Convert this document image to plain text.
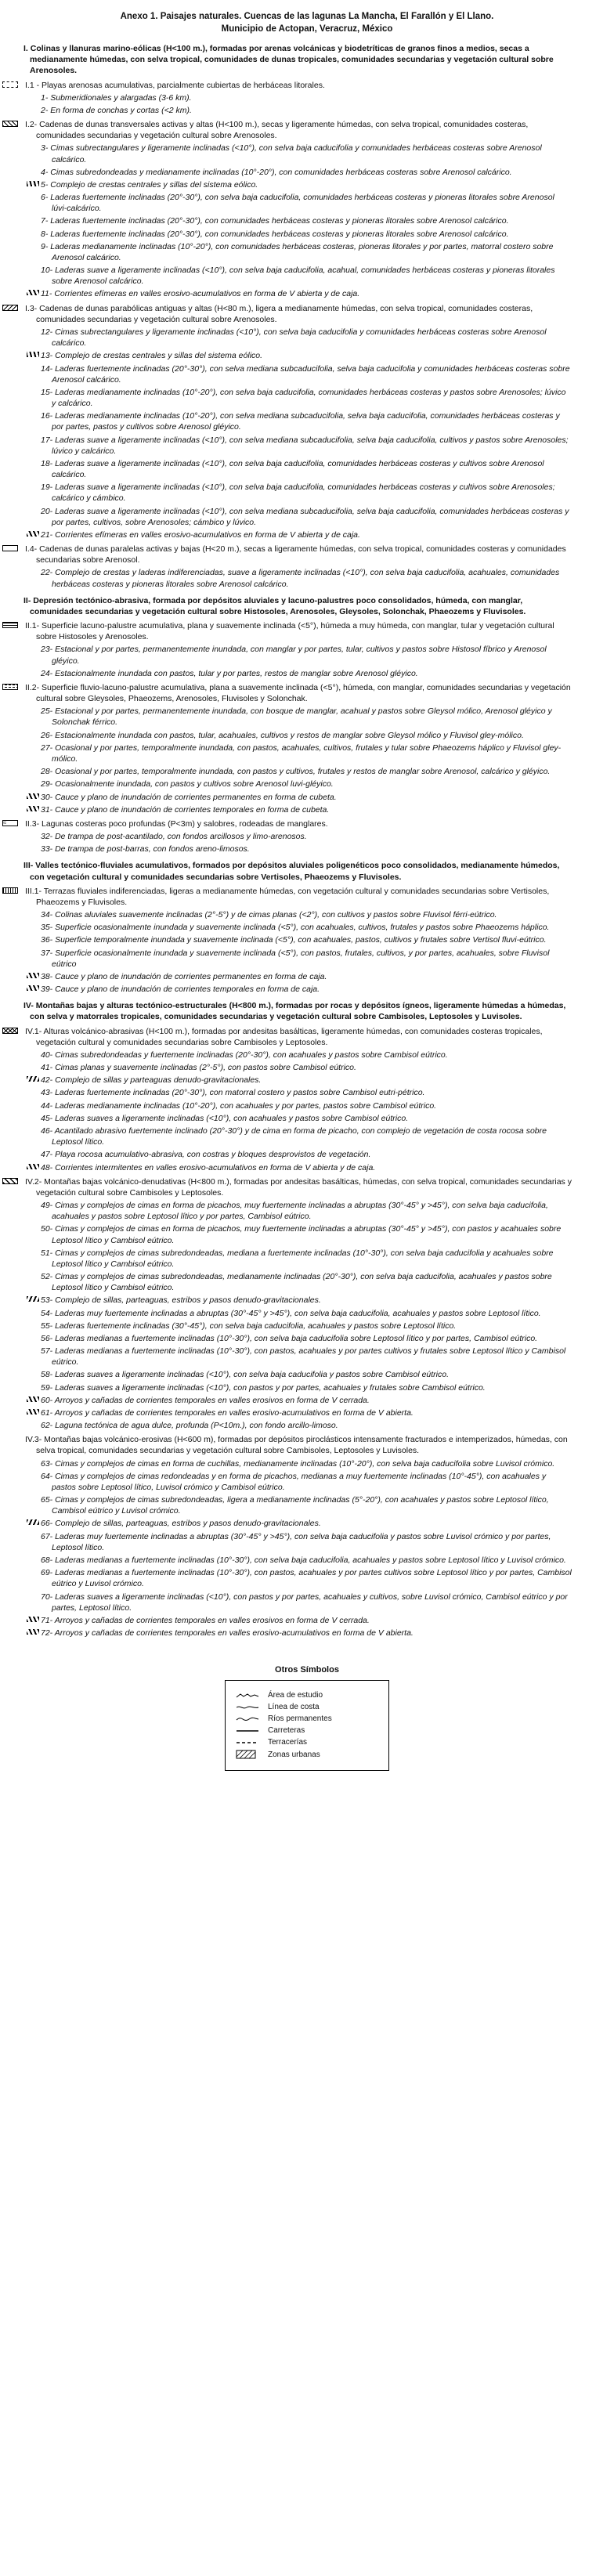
Anexo 1. Paisajes naturales. Cuencas de las lagunas La Mancha, El Farallón y El Llano.
Municipio de Actopan, Veracruz, México
I. Colinas y llanuras marino-eólicas (H<100 m.), formadas por arenas volcánicas y biodetríticas de granos finos a medios, secas a medianamente húmedas, con selva tropical, comunidades de dunas tropicales, comunidades secundarias y vegetación cultural sobre Arenosoles.
I.1 - Playas arenosas acumulativas, parcialmente cubiertas de herbáceas litorales.
1- Submeridionales y alargadas (3-6 km).
2- En forma de conchas y cortas (<2 km).
I.2- Cadenas de dunas transversales activas y altas (H<100 m.), secas y ligeramente húmedas, con selva tropical, comunidades costeras, comunidades secundarias y vegetación cultural sobre Arenosoles.
3- Cimas subrectangulares y ligeramente inclinadas (<10°), con selva baja caducifolia y comunidades herbáceas costeras sobre Arenosol calcárico.
4- Cimas subredondeadas y medianamente inclinadas (10°-20°), con comunidades herbáceas costeras sobre Arenosol calcárico.
5- Complejo de crestas centrales y sillas del sistema eólico.
6- Laderas fuertemente inclinadas (20°-30°), con selva baja caducifolia, comunidades herbáceas costeras y pioneras litorales sobre Arenosol lúvi-calcárico.
7- Laderas fuertemente inclinadas (20°-30°), con comunidades herbáceas costeras y pioneras litorales sobre Arenosol calcárico.
8- Laderas fuertemente inclinadas (20°-30°), con comunidades herbáceas costeras y pioneras litorales sobre Arenosol calcárico.
9- Laderas medianamente inclinadas (10°-20°), con comunidades herbáceas costeras, pioneras litorales y por partes, matorral costero sobre Arenosol calcárico.
10- Laderas suave a ligeramente inclinadas (<10°), con selva baja caducifolia, acahual, comunidades herbáceas costeras y pioneras litorales sobre Arenosol calcárico.
11- Corrientes efímeras en valles erosivo-acumulativos en forma de V abierta y de caja.
I.3- Cadenas de dunas parabólicas antiguas y altas (H<80 m.), ligera a medianamente húmedas, con selva tropical, comunidades costeras, comunidades secundarias y vegetación cultural sobre Arenosoles.
12- Cimas subrectangulares y ligeramente inclinadas (<10°), con selva baja caducifolia y comunidades herbáceas costeras sobre Arenosol calcárico.
13- Complejo de crestas centrales y sillas del sistema eólico.
14- Laderas fuertemente inclinadas (20°-30°), con selva mediana subcaducifolia, selva baja caducifolia y comunidades herbáceas costeras sobre Arenosol calcárico.
15- Laderas medianamente inclinadas (10°-20°), con selva baja caducifolia, comunidades herbáceas costeras y pastos sobre Arenosoles; lúvico y calcárico.
16- Laderas medianamente inclinadas (10°-20°), con selva mediana subcaducifolia, selva baja caducifolia, comunidades herbáceas costeras y por partes, pastos y cultivos sobre Arenosol gléyico.
17- Laderas suave a ligeramente inclinadas (<10°), con selva mediana subcaducifolia, selva baja caducifolia, cultivos y pastos sobre Arenosoles; lúvico y calcárico.
18- Laderas suave a ligeramente inclinadas (<10°), con selva baja caducifolia, comunidades herbáceas costeras y cultivos sobre Arenosol calcárico.
19- Laderas suave a ligeramente inclinadas (<10°), con selva baja caducifolia, comunidades herbáceas costeras y cultivos sobre Arenosoles; calcárico y cámbico.
20- Laderas suave a ligeramente inclinadas (<10°), con selva mediana subcaducifolia, selva baja caducifolia, comunidades herbáceas costeras y por partes, cultivos, sobre Arenosoles; cámbico y lúvico.
21- Corrientes efímeras en valles erosivo-acumulativos en forma de V abierta y de caja.
I.4- Cadenas de dunas paralelas activas y bajas (H<20 m.), secas a ligeramente húmedas, con selva tropical, comunidades costeras y comunidades secundarias sobre Arenosol.
22- Complejo de crestas y laderas indiferenciadas, suave a ligeramente inclinadas (<10°), con selva baja caducifolia, acahuales, comunidades herbáceas costeras y pioneras litorales sobre Arenosol calcárico.
II- Depresión tectónico-abrasiva, formada por depósitos aluviales y lacuno-palustres poco consolidados, húmeda, con manglar, comunidades secundarias y vegetación cultural sobre Histosoles, Arenosoles, Gleysoles, Solonchak, Phaeozems y Fluvisoles.
II.1- Superficie lacuno-palustre acumulativa, plana y suavemente inclinada (<5°), húmeda a muy húmeda, con manglar, tular y vegetación cultural sobre Histosoles y Arenosoles.
23- Estacional y por partes, permanentemente inundada, con manglar y por partes, tular, cultivos y pastos sobre Histosol fíbrico y Arenosol gléyico.
24- Estacionalmente inundada con pastos, tular y por partes, restos de manglar sobre Arenosol gléyico.
II.2- Superficie fluvio-lacuno-palustre acumulativa, plana a suavemente inclinada (<5°), húmeda, con manglar, comunidades secundarias y vegetación cultural sobre Gleysoles, Phaeozems, Arenosoles, Fluvisoles y Solonchak.
25- Estacional y por partes, permanentemente inundada, con bosque de manglar, acahual y pastos sobre Gleysol mólico, Arenosol gléyico y Solonchak férrico.
26- Estacionalmente inundada con pastos, tular, acahuales, cultivos y restos de manglar sobre Gleysol mólico y Fluvisol gley-mólico.
27- Ocasional y por partes, temporalmente inundada, con pastos, acahuales, cultivos, frutales y tular sobre Phaeozems háplico y Fluvisol gley-mólico.
28- Ocasional y por partes, temporalmente inundada, con pastos y cultivos, frutales y restos de manglar sobre Arenosol, calcárico y gléyico.
29- Ocasionalmente inundada, con pastos y cultivos sobre Arenosol luvi-gléyico.
30- Cauce y plano de inundación de corrientes permanentes en forma de cubeta.
31- Cauce y plano de inundación de corrientes temporales en forma de cubeta.
≈
II.3- Lagunas costeras poco profundas (P<3m) y salobres, rodeadas de manglares.
32- De trampa de post-acantilado, con fondos arcillosos y limo-arenosos.
33- De trampa de post-barras, con fondos areno-limosos.
III- Valles tectónico-fluviales acumulativos, formados por depósitos aluviales poligenéticos poco consolidados, medianamente húmedos, con vegetación cultural y comunidades secundarias sobre Vertisoles, Phaeozems y Fluvisoles.
III.1- Terrazas fluviales indiferenciadas, ligeras a medianamente húmedas, con vegetación cultural y comunidades secundarias sobre Vertisoles, Phaeozems y Fluvisoles.
34- Colinas aluviales suavemente inclinadas (2°-5°) y de cimas planas (<2°), con cultivos y pastos sobre Fluvisol férri-eútrico.
35- Superficie ocasionalmente inundada y suavemente inclinada (<5°), con acahuales, cultivos, frutales y pastos sobre Phaeozems háplico.
36- Superficie temporalmente inundada y suavemente inclinada (<5°), con acahuales, pastos, cultivos y frutales sobre Vertisol fluvi-eútrico.
37- Superficie ocasionalmente inundada y suavemente inclinada (<5°), con pastos, frutales, cultivos, y por partes, acahuales, sobre Fluvisol eútrico
38- Cauce y plano de inundación de corrientes permanentes en forma de caja.
39- Cauce y plano de inundación de corrientes temporales en forma de caja.
IV- Montañas bajas y alturas tectónico-estructurales (H<800 m.), formadas por rocas y depósitos ígneos, ligeramente húmedas a húmedas, con selva y matorrales tropicales, comunidades secundarias y vegetación cultural sobre Cambisoles, Leptosoles y Luvisoles.
IV.1- Alturas volcánico-abrasivas (H<100 m.), formadas por andesitas basálticas, ligeramente húmedas, con comunidades costeras tropicales, vegetación cultural y comunidades secundarias sobre Cambisoles y Leptosoles.
40- Cimas subredondeadas y fuertemente inclinadas (20°-30°), con acahuales y pastos sobre Cambisol eútrico.
41- Cimas planas y suavemente inclinadas (2°-5°), con pastos sobre Cambisol eútrico.
42- Complejo de sillas y parteaguas denudo-gravitacionales.
43- Laderas fuertemente inclinadas (20°-30°), con matorral costero y pastos sobre Cambisol eutri-pétrico.
44- Laderas medianamente inclinadas (10°-20°), con acahuales y por partes, pastos sobre Cambisol eútrico.
45- Laderas suaves a ligeramente inclinadas (<10°), con acahuales y pastos sobre Cambisol eútrico.
46- Acantilado abrasivo fuertemente inclinado (20°-30°) y de cima en forma de picacho, con complejo de vegetación de costa rocosa sobre Leptosol lítico.
47- Playa rocosa acumulativo-abrasiva, con costras y bloques desprovistos de vegetación.
48- Corrientes intermitentes en valles erosivo-acumulativos en forma de V abierta y de caja.
IV.2- Montañas bajas volcánico-denudativas (H<800 m.), formadas por andesitas basálticas, húmedas, con selva tropical, comunidades secundarias y vegetación cultural sobre Cambisoles y Leptosoles.
49- Cimas y complejos de cimas en forma de picachos, muy fuertemente inclinadas a abruptas (30°-45° y >45°), con selva baja caducifolia, acahuales y pastos sobre Leptosol lítico y por partes, Cambisol eútrico.
50- Cimas y complejos de cimas en forma de picachos, muy fuertemente inclinadas a abruptas (30°-45° y >45°), con pastos y acahuales sobre Leptosol lítico y Cambisol eútrico.
51- Cimas y complejos de cimas subredondeadas, mediana a fuertemente inclinadas (10°-30°), con selva baja caducifolia y acahuales sobre Leptosol lítico y Cambisol eútrico.
52- Cimas y complejos de cimas subredondeadas, medianamente inclinadas (20°-30°), con selva baja caducifolia, acahuales y pastos sobre Leptosol lítico y Cambisol eútrico.
53- Complejo de sillas, parteaguas, estribos y pasos denudo-gravitacionales.
54- Laderas muy fuertemente inclinadas a abruptas (30°-45° y >45°), con selva baja caducifolia, acahuales y pastos sobre Leptosol lítico.
55- Laderas fuertemente inclinadas (30°-45°), con selva baja caducifolia, acahuales y pastos sobre Leptosol lítico.
56- Laderas medianas a fuertemente inclinadas (10°-30°), con selva baja caducifolia sobre Leptosol lítico y por partes, Cambisol eútrico.
57- Laderas medianas a fuertemente inclinadas (10°-30°), con pastos, acahuales y por partes cultivos y frutales sobre Leptosol lítico y Cambisol eútrico.
58- Laderas suaves a ligeramente inclinadas (<10°), con selva baja caducifolia y pastos sobre Cambisol eútrico.
59- Laderas suaves a ligeramente inclinadas (<10°), con pastos y por partes, acahuales y frutales sobre Cambisol eútrico.
60- Arroyos y cañadas de corrientes temporales en valles erosivos en forma de V cerrada.
61- Arroyos y cañadas de corrientes temporales en valles erosivo-acumulativos en forma de V abierta.
62- Laguna tectónica de agua dulce, profunda (P<10m.), con fondo arcillo-limoso.
IV.3- Montañas bajas volcánico-erosivas (H<600 m), formadas por depósitos piroclásticos intensamente fracturados e intemperizados, húmedas, con selva tropical, comunidades secundarias y vegetación cultural sobre Cambisoles, Leptosoles y Luvisoles.
63- Cimas y complejos de cimas en forma de cuchillas, medianamente inclinadas (10°-20°), con selva baja caducifolia sobre Luvisol crómico.
64- Cimas y complejos de cimas redondeadas y en forma de picachos, medianas a muy fuertemente inclinadas (10°-45°), con acahuales y pastos sobre Leptosol lítico, Luvisol crómico y Cambisol eútrico.
65- Cimas y complejos de cimas subredondeadas, ligera a medianamente inclinadas (5°-20°), con acahuales y pastos sobre Leptosol lítico, Cambisol eútrico y Luvisol crómico.
66- Complejo de sillas, parteaguas, estribos y pasos denudo-gravitacionales.
67- Laderas muy fuertemente inclinadas a abruptas (30°-45° y >45°), con selva baja caducifolia y pastos sobre Luvisol crómico y por partes, Leptosol lítico.
68- Laderas medianas a fuertemente inclinadas (10°-30°), con selva baja caducifolia, acahuales y pastos sobre Leptosol lítico y Luvisol crómico.
69- Laderas medianas a fuertemente inclinadas (10°-30°), con pastos, acahuales y por partes cultivos sobre Leptosol lítico y por partes, Cambisol eútrico y Luvisol crómico.
70- Laderas suaves a ligeramente inclinadas (<10°), con pastos y por partes, acahuales y cultivos, sobre Luvisol crómico, Cambisol eútrico y por partes, Leptosol lítico.
71- Arroyos y cañadas de corrientes temporales en valles erosivos en forma de V cerrada.
72- Arroyos y cañadas de corrientes temporales en valles erosivo-acumulativos en forma de V abierta.
Otros Símbolos
Área de estudio
Línea de costa
Ríos permanentes
Carreteras
Terracerías
Zonas urbanas
